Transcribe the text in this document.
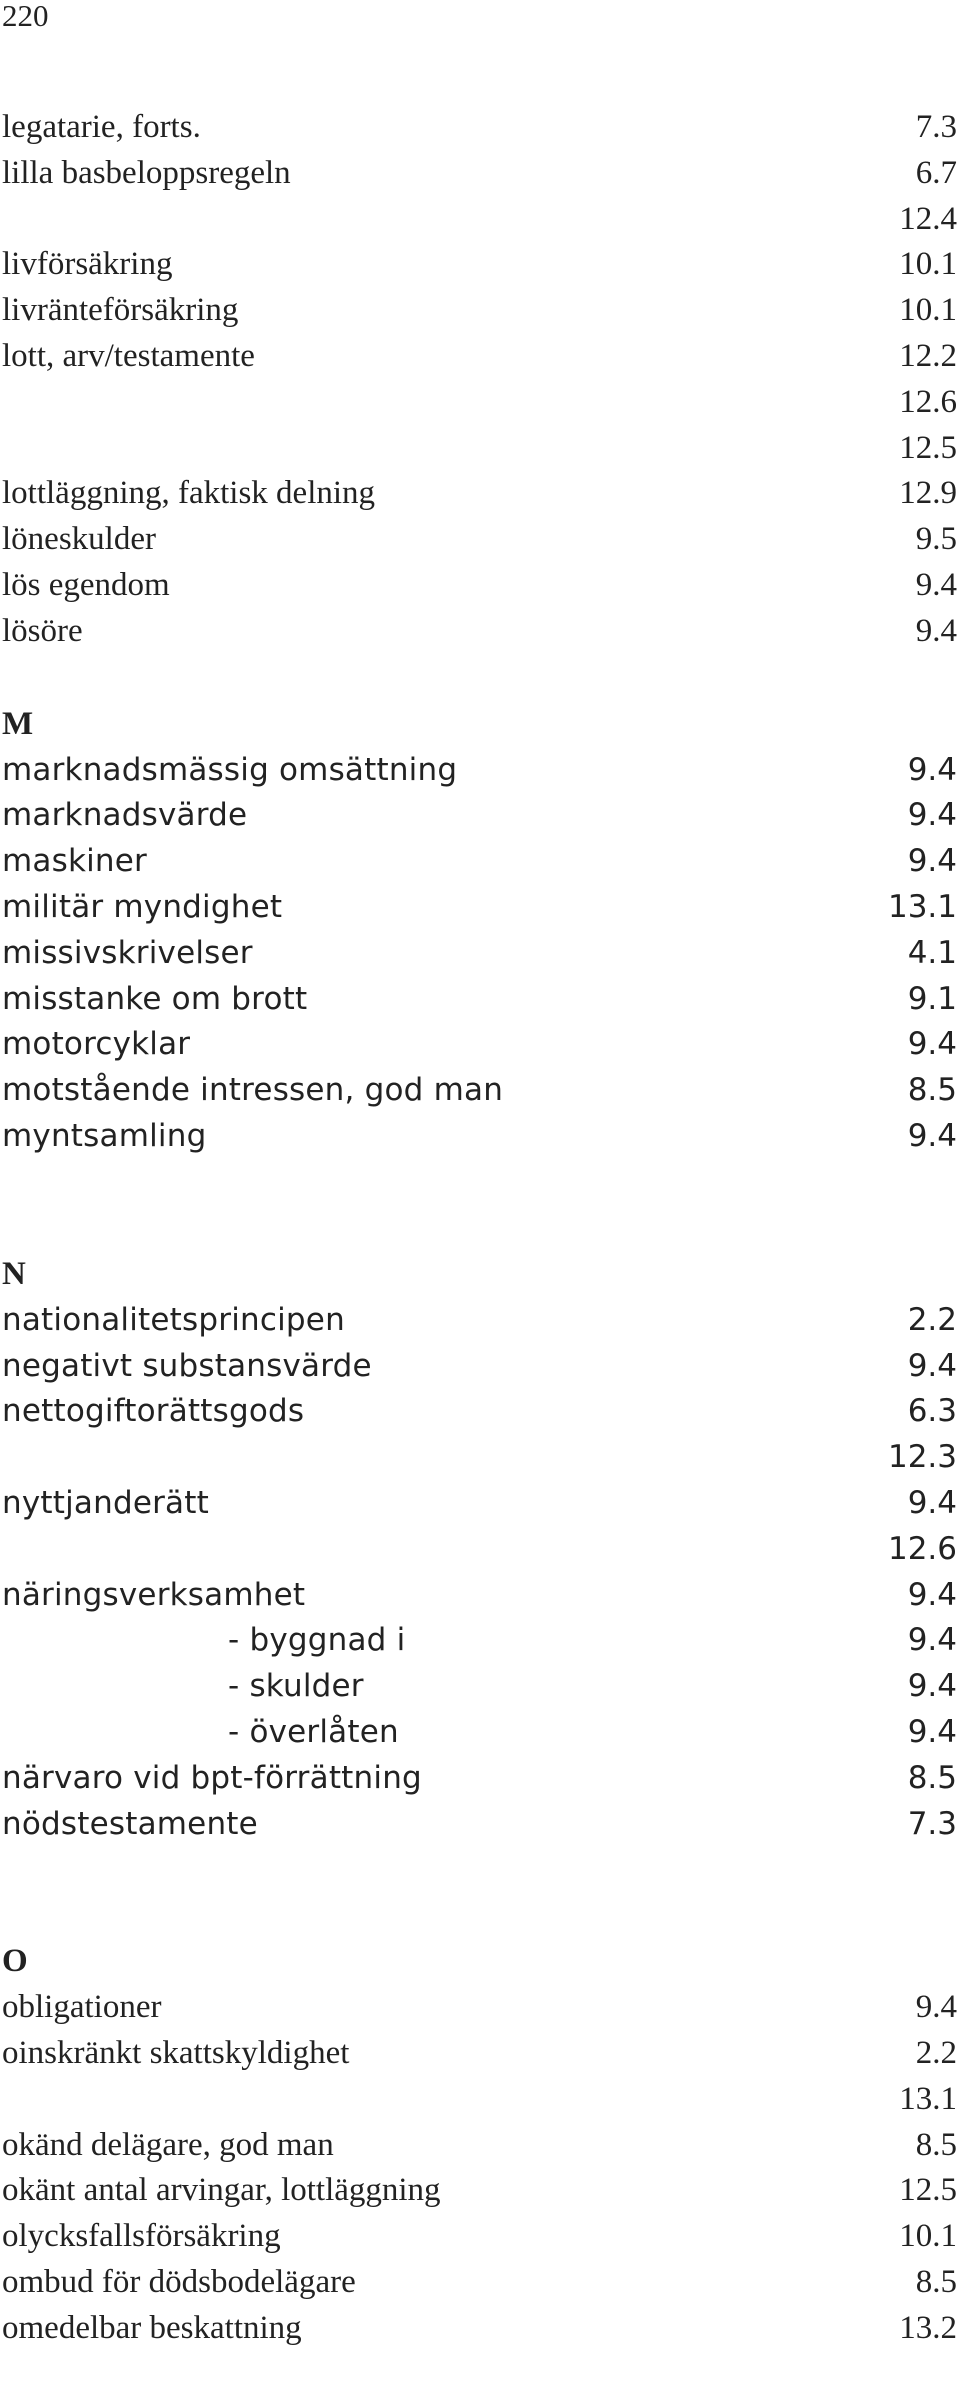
220
legatarie, forts.	7.3
lilla basbeloppsregeln	6.7
12.4
livförsäkring	10.1
livränteförsäkring	10.1
lott, arv/testamente	12.2
12.6
12.5
lottläggning, faktisk delning	12.9
löneskulder	9.5
lös egendom	9.4
lösöre	9.4
M
marknadsmässig omsättning	9.4
marknadsvärde	9.4
maskiner	9.4
militär myndighet	13.1
missivskrivelser	4.1
misstanke om brott	9.1
motorcyklar	9.4
motstående intressen, god man	8.5
myntsamling	9.4
N
nationalitetsprincipen	2.2
negativt substansvärde	9.4
nettogiftorättsgods	6.3
12.3
nyttjanderätt	9.4
12.6
näringsverksamhet	9.4
- byggnad i	9.4
- skulder	9.4
- överlåten	9.4
närvaro vid bpt-förrättning	8.5
nödstestamente	7.3
O
obligationer	9.4
oinskränkt skattskyldighet	2.2
13.1
okänd delägare, god man	8.5
okänt antal arvingar, lottläggning	12.5
olycksfallsförsäkring	10.1
ombud för dödsbodelägare	8.5
omedelbar beskattning	13.2
